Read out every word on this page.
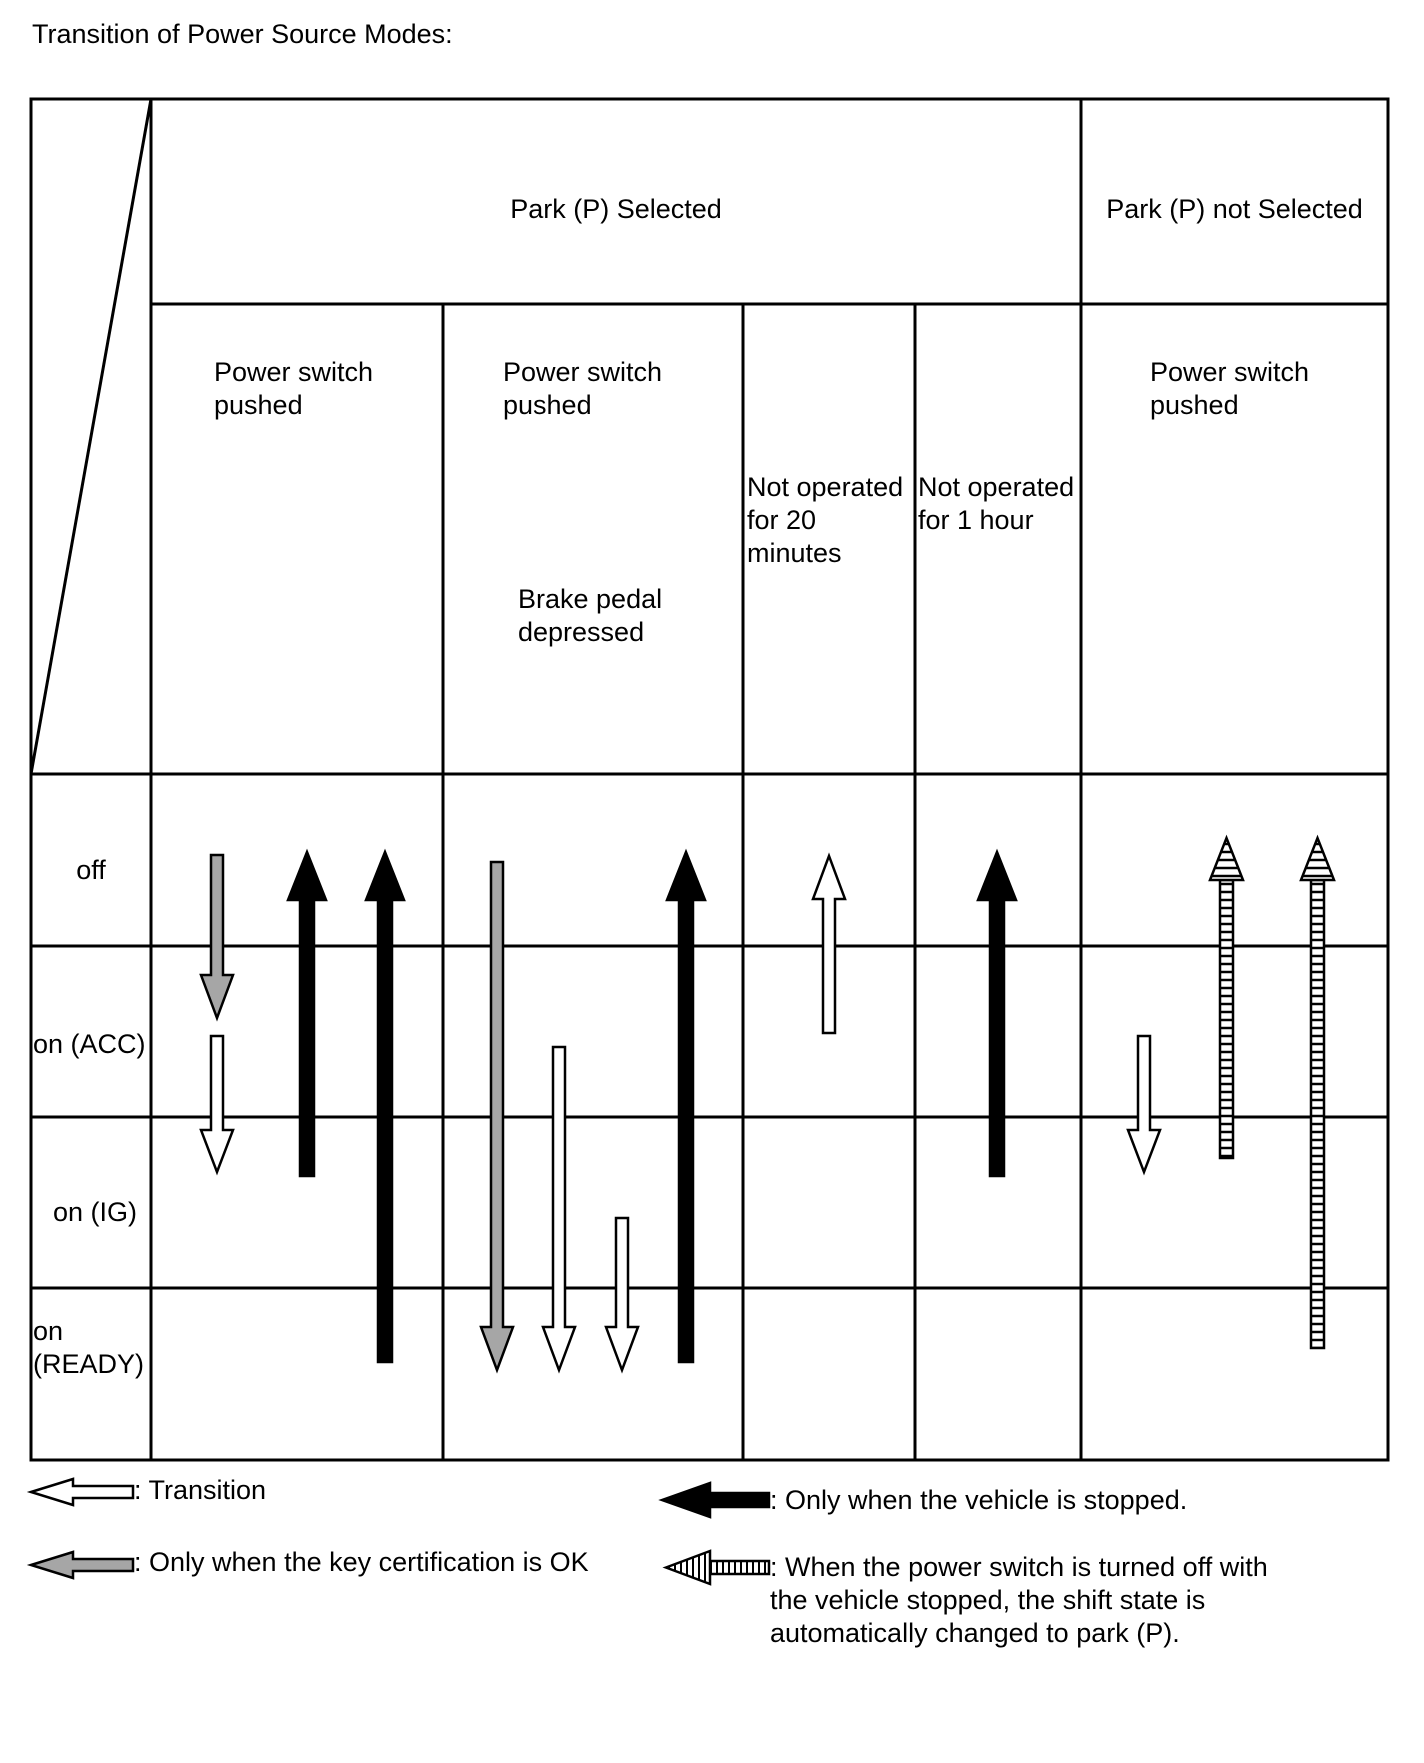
Transition of Power Source Modes:
Park (P) Selected	Park (P) not Selected
Power switch
pushed
Power switch
pushed
Brake pedal
depressed
Not operated
for 20
minutes
Not operated
for 1 hour
Power switch
pushed
off
on (ACC)
on (IG)
on
(READY)
: Transition
: Only when the key certification is OK
: Only when the vehicle is stopped.
: When the power switch is turned off with
the vehicle stopped, the shift state is
automatically changed to park (P).
